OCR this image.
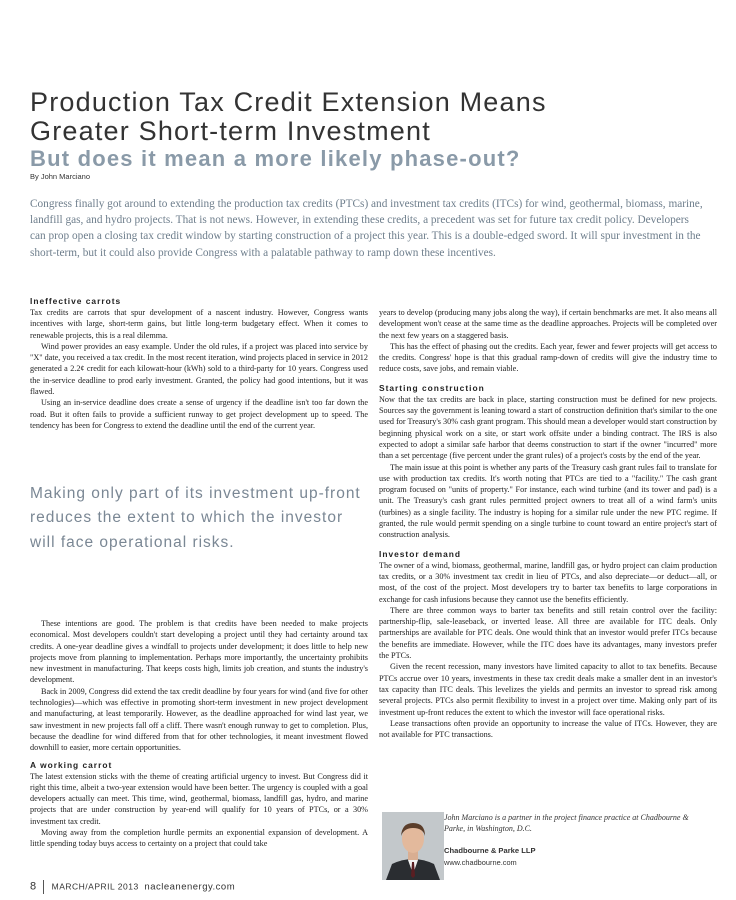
Production Tax Credit Extension Means
Greater Short-term Investment
But does it mean a more likely phase-out?
By John Marciano

Congress finally got around to extending the production tax credits (PTCs) and investment tax credits (ITCs) for wind, geothermal, biomass, marine, landfill gas, and hydro projects. That is not news. However, in extending these credits, a precedent was set for future tax credit policy. Developers can prop open a closing tax credit window by starting construction of a project this year. This is a double-edged sword. It will spur investment in the short-term, but it could also provide Congress with a palatable pathway to ramp down these incentives.

Ineffective carrots

Tax credits are carrots that spur development of a nascent industry. However, Congress wants incentives with large, short-term gains, but little long-term budgetary effect. When it comes to renewable projects, this is a real dilemma.

Wind power provides an easy example. Under the old rules, if a project was placed into service by "X" date, you received a tax credit. In the most recent iteration, wind projects placed in service in 2012 generated a 2.2¢ credit for each kilowatt-hour (kWh) sold to a third-party for 10 years. Congress used the in-service deadline to prod early investment. Granted, the policy had good intentions, but it was flawed.

Using an in-service deadline does create a sense of urgency if the deadline isn't too far down the road. But it often fails to provide a sufficient runway to get project development up to speed. The tendency has been for Congress to extend the deadline until the end of the current year.

Making only part of its investment up-front reduces the extent to which the investor will face operational risks.

These intentions are good. The problem is that credits have been needed to make projects economical. Most developers couldn't start developing a project until they had certainty around tax credits. A one-year deadline gives a windfall to projects under development; it does little to help new projects move from planning to implementation. Perhaps more importantly, the uncertainty prohibits new investment in manufacturing. That keeps costs high, limits job creation, and stunts the industry's development.

Back in 2009, Congress did extend the tax credit deadline by four years for wind (and five for other technologies)—which was effective in promoting short-term investment in new project development and manufacturing, at least temporarily. However, as the deadline approached for wind last year, we saw investment in new projects fall off a cliff. There wasn't enough runway to get to completion. Plus, because the deadline for wind differed from that for other technologies, it meant investment flowed downhill to easier, more certain opportunities.

A working carrot

The latest extension sticks with the theme of creating artificial urgency to invest. But Congress did it right this time, albeit a two-year extension would have been better. The urgency is coupled with a goal developers actually can meet. This time, wind, geothermal, biomass, landfill gas, hydro, and marine projects that are under construction by year-end will qualify for 10 years of PTCs, or a 30% investment tax credit.

Moving away from the completion hurdle permits an exponential expansion of development. A little spending today buys access to certainty on a project that could take

years to develop (producing many jobs along the way), if certain benchmarks are met. It also means all development won't cease at the same time as the deadline approaches. Projects will be completed over the next few years on a staggered basis.

This has the effect of phasing out the credits. Each year, fewer and fewer projects will get access to the credits. Congress' hope is that this gradual ramp-down of credits will give the industry time to reduce costs, save jobs, and remain viable.

Starting construction

Now that the tax credits are back in place, starting construction must be defined for new projects. Sources say the government is leaning toward a start of construction definition that's similar to the one used for Treasury's 30% cash grant program. This should mean a developer would start construction by beginning physical work on a site, or start work offsite under a binding contract. The IRS is also expected to adopt a similar safe harbor that deems construction to start if the owner "incurred" more than a set percentage (five percent under the grant rules) of a project's costs by the end of the year.

The main issue at this point is whether any parts of the Treasury cash grant rules fail to translate for use with production tax credits. It's worth noting that PTCs are tied to a "facility." The cash grant program focused on "units of property." For instance, each wind turbine (and its tower and pad) is a unit. The Treasury's cash grant rules permitted project owners to treat all of a wind farm's units (turbines) as a single facility. The industry is hoping for a similar rule under the new PTC regime. If granted, the rule would permit spending on a single turbine to count toward an entire project's start of construction analysis.

Investor demand

The owner of a wind, biomass, geothermal, marine, landfill gas, or hydro project can claim production tax credits, or a 30% investment tax credit in lieu of PTCs, and also depreciate—or deduct—all, or most, of the cost of the project. Most developers try to barter tax benefits to large corporations in exchange for cash infusions because they cannot use the benefits efficiently.

There are three common ways to barter tax benefits and still retain control over the facility: partnership-flip, sale-leaseback, or inverted lease. All three are available for ITC deals. Only partnerships are available for PTC deals. One would think that an investor would prefer ITCs because the benefits are immediate. However, while the ITC does have its advantages, many investors prefer the PTCs.

Given the recent recession, many investors have limited capacity to allot to tax benefits. Because PTCs accrue over 10 years, investments in these tax credit deals make a smaller dent in an investor's tax capacity than ITC deals. This levelizes the yields and permits an investor to spread risk among several projects. PTCs also permit flexibility to invest in a project over time. Making only part of its investment up-front reduces the extent to which the investor will face operational risks.

Lease transactions often provide an opportunity to increase the value of ITCs. However, they are not available for PTC transactions.

John Marciano is a partner in the project finance practice at Chadbourne & Parke, in Washington, D.C.

Chadbourne & Parke LLP
www.chadbourne.com
8 MARCH/APRIL 2013 nacleanenergy.com
